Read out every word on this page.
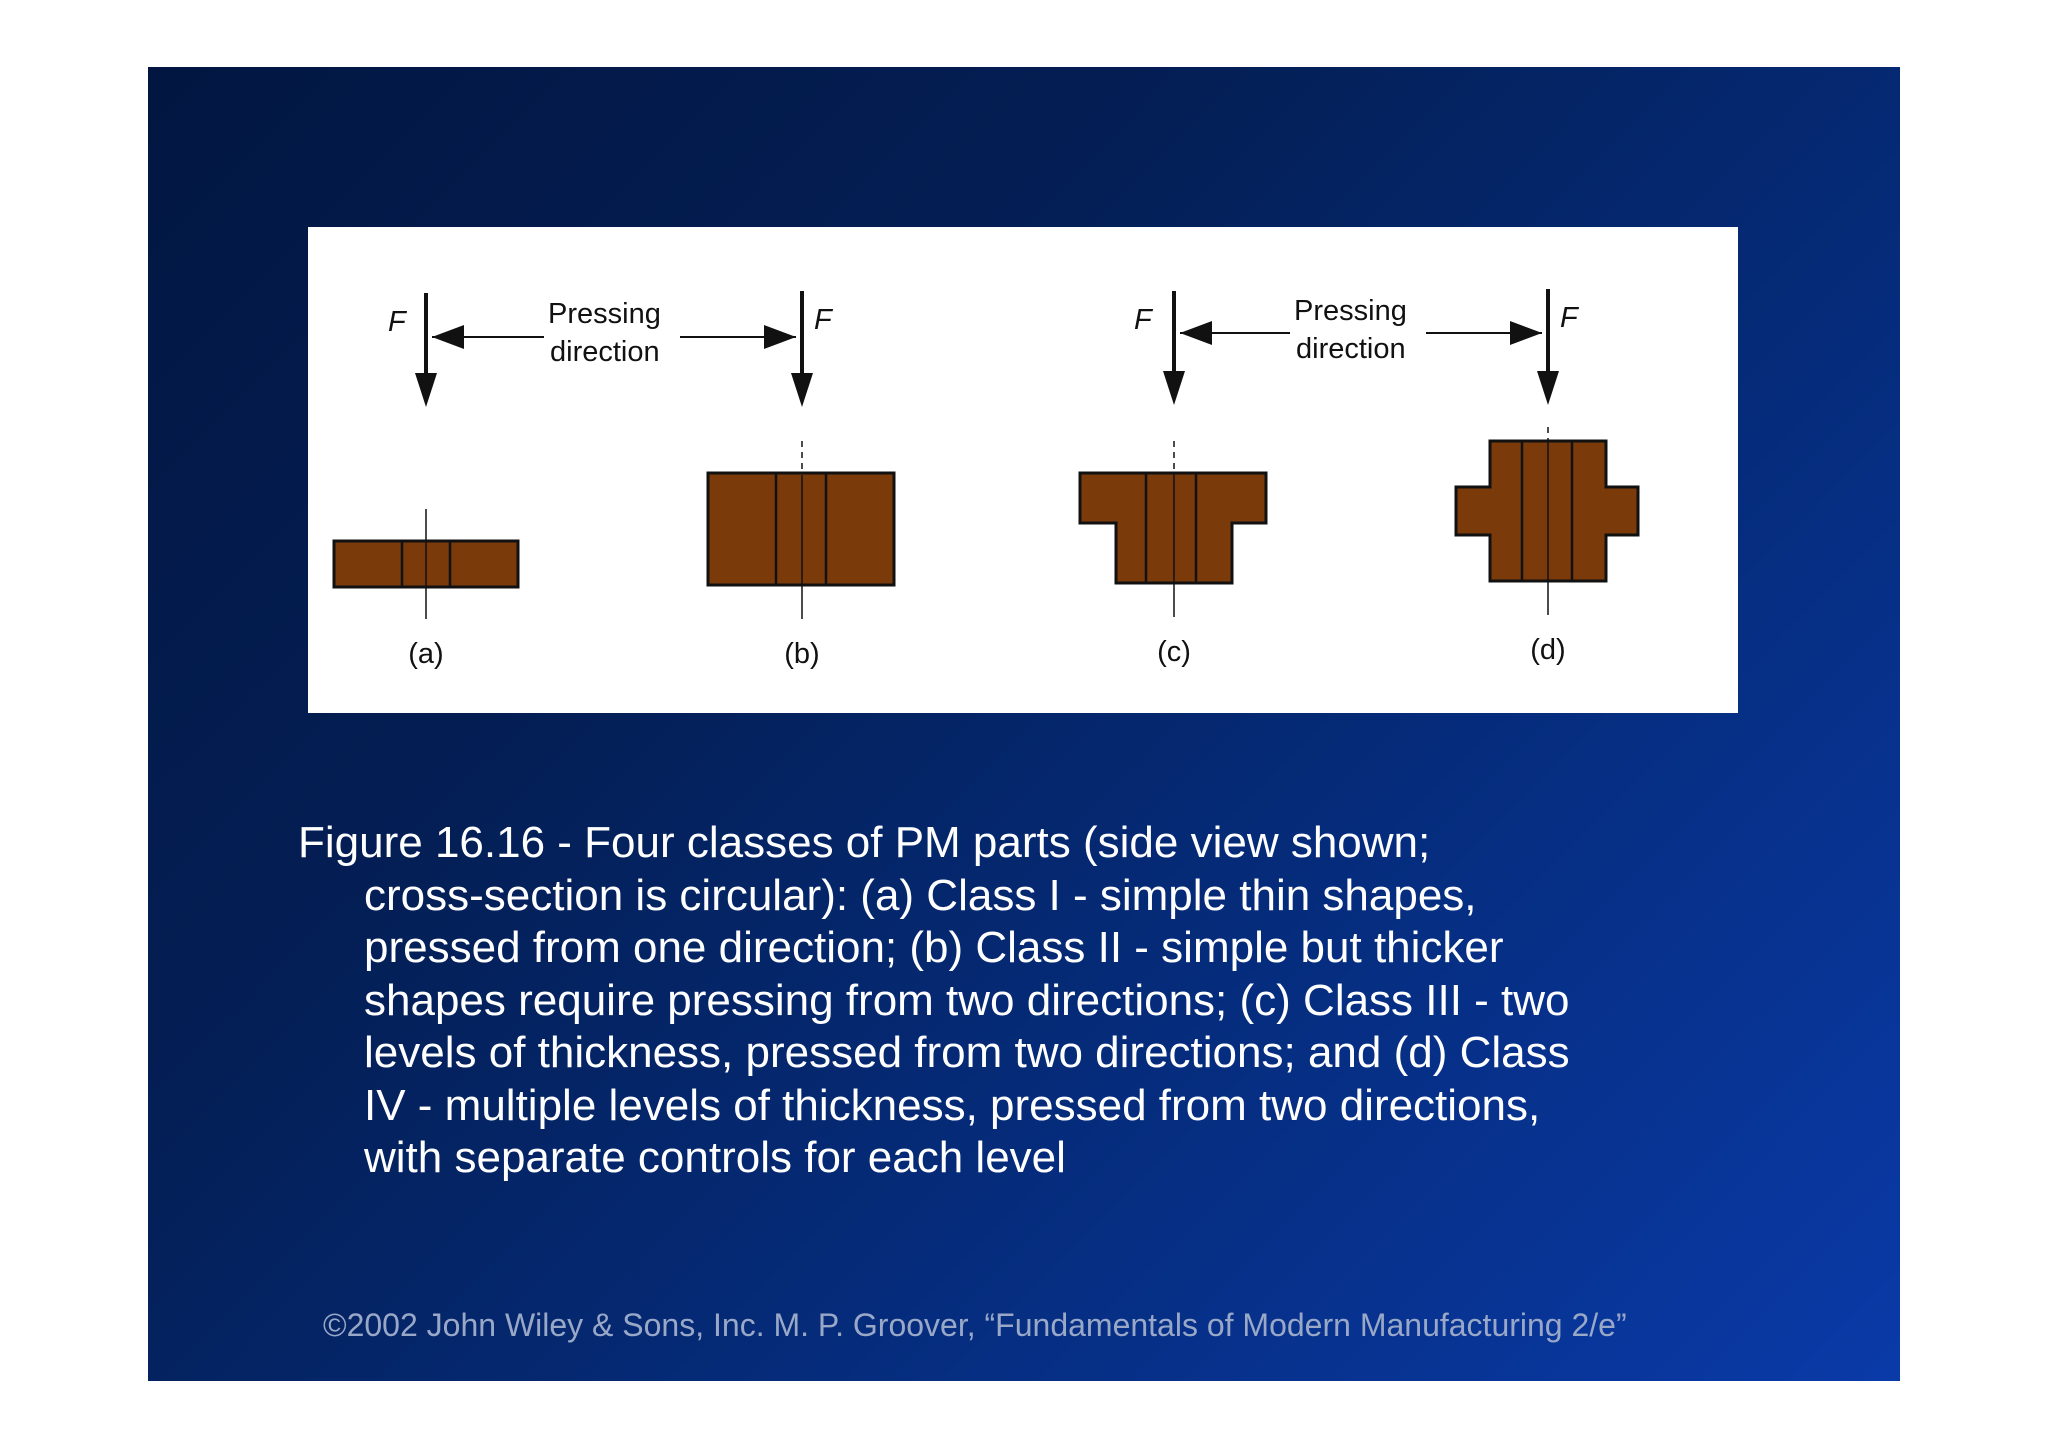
F	F
Pressing
direction
F	F
Pressing
direction
(a)	(b)	(c)	(d)
Figure 16.16 - Four classes of PM parts (side view shown;
cross-section is circular): (a) Class I - simple thin shapes,
pressed from one direction; (b) Class II - simple but thicker
shapes require pressing from two directions; (c) Class III - two
levels of thickness, pressed from two directions; and (d) Class
IV - multiple levels of thickness, pressed from two directions,
with separate controls for each level
©2002 John Wiley & Sons, Inc. M. P. Groover, “Fundamentals of Modern Manufacturing 2/e”
